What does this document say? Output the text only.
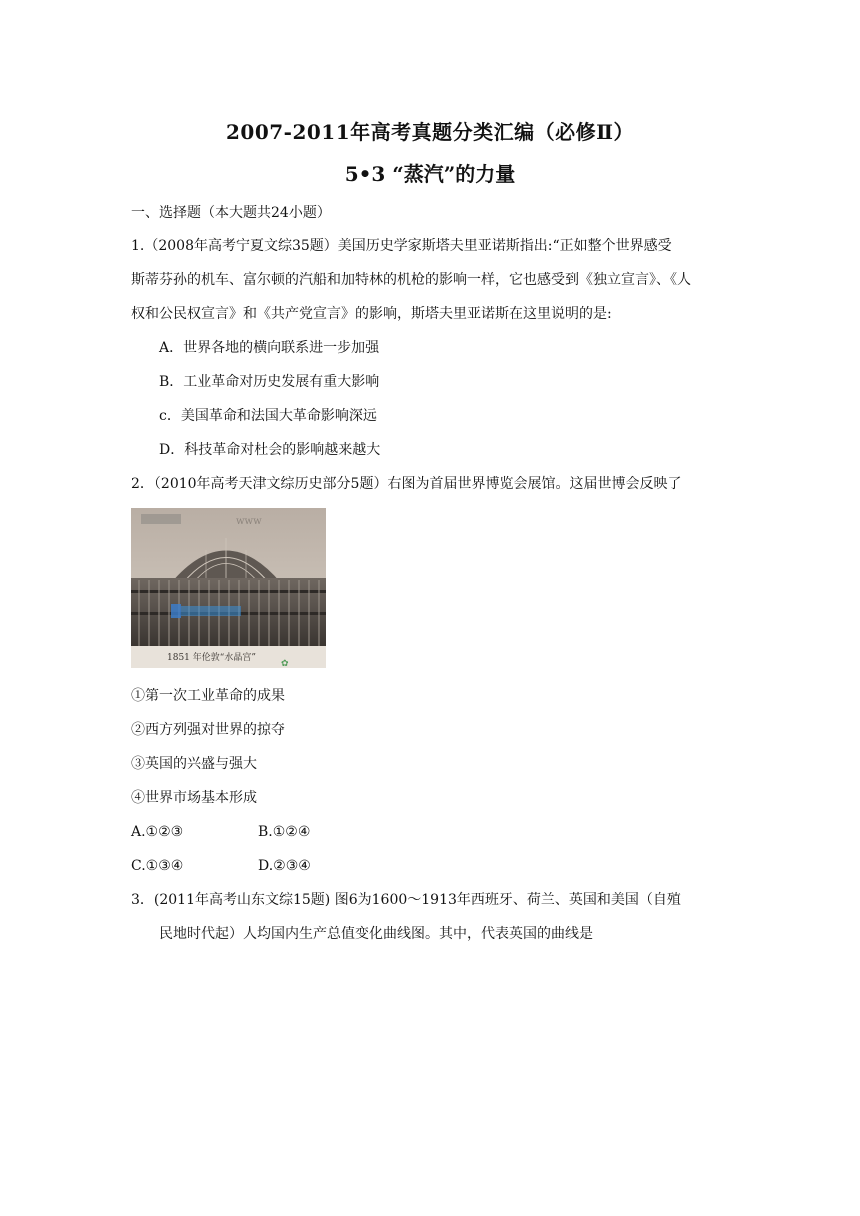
2007-2011年高考真题分类汇编（必修Ⅱ）
5•3 “蒸汽”的力量
一、选择题（本大题共24小题）
1.（2008年高考宁夏文综35题）美国历史学家斯塔夫里亚诺斯指出:“正如整个世界感受
斯蒂芬孙的机车、富尔顿的汽船和加特林的机枪的影响一样，它也感受到《独立宣言》、《人
权和公民权宣言》和《共产党宣言》的影响，斯塔夫里亚诺斯在这里说明的是:
A．世界各地的横向联系进一步加强
B．工业革命对历史发展有重大影响
c．美国革命和法国大革命影响深远
D．科技革命对杜会的影响越来越大
2．（2010年高考天津文综历史部分5题）右图为首届世界博览会展馆。这届世博会反映了
www
1851 年伦敦“水晶宫”
✿
①第一次工业革命的成果
②西方列强对世界的掠夺
③英国的兴盛与强大
④世界市场基本形成
A.①②③	B.①②④
C.①③④	D.②③④
3．(2011年高考山东文综15题) 图6为1600～1913年西班牙、荷兰、英国和美国（自殖
民地时代起）人均国内生产总值变化曲线图。其中，代表英国的曲线是
